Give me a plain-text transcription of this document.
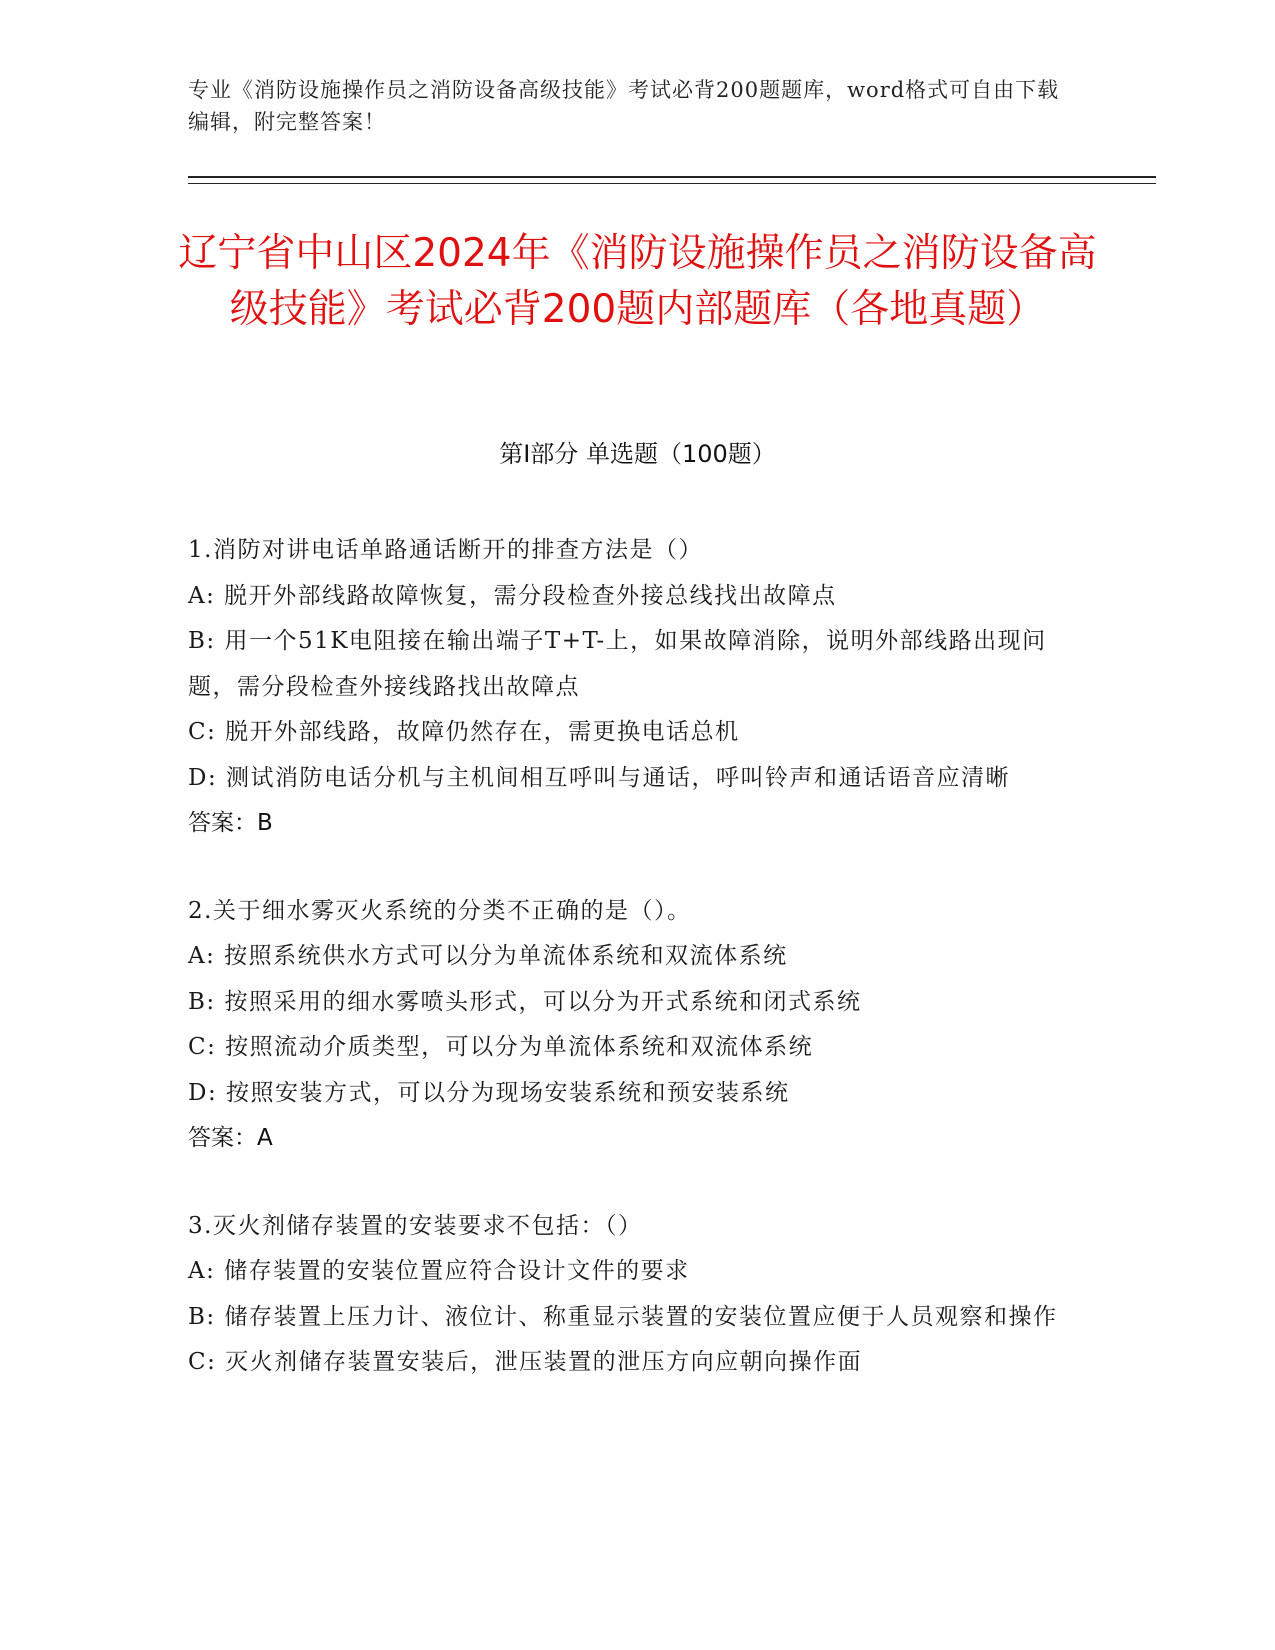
专业《消防设施操作员之消防设备高级技能》考试必背200题题库，word格式可自由下载编辑，附完整答案！
辽宁省中山区2024年《消防设施操作员之消防设备高级技能》考试必背200题内部题库（各地真题）
第I部分 单选题（100题）

1.消防对讲电话单路通话断开的排查方法是（）

A: 脱开外部线路故障恢复，需分段检查外接总线找出故障点

B: 用一个51K电阻接在输出端子T+T-上，如果故障消除，说明外部线路出现问题，需分段检查外接线路找出故障点

C: 脱开外部线路，故障仍然存在，需更换电话总机

D: 测试消防电话分机与主机间相互呼叫与通话，呼叫铃声和通话语音应清晰

答案：B

2.关于细水雾灭火系统的分类不正确的是（）。

A: 按照系统供水方式可以分为单流体系统和双流体系统

B: 按照采用的细水雾喷头形式，可以分为开式系统和闭式系统

C: 按照流动介质类型，可以分为单流体系统和双流体系统

D: 按照安装方式，可以分为现场安装系统和预安装系统

答案：A

3.灭火剂储存装置的安装要求不包括：（）

A: 储存装置的安装位置应符合设计文件的要求

B: 储存装置上压力计、液位计、称重显示装置的安装位置应便于人员观察和操作

C: 灭火剂储存装置安装后，泄压装置的泄压方向应朝向操作面
